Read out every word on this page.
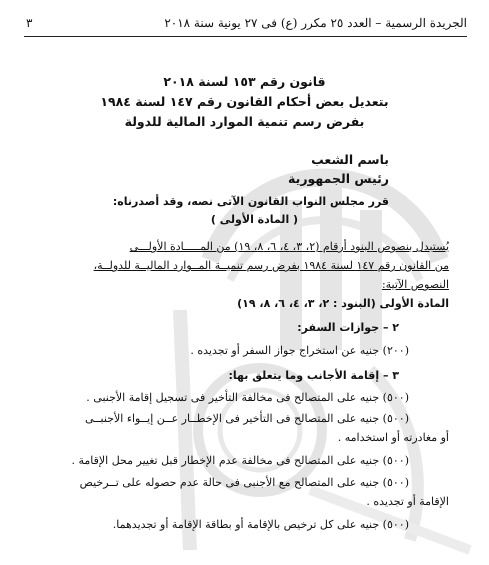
الجريدة الرسمية – العدد ٢٥ مكرر (ع) فى ٢٧ يونية سنة ٢٠١٨
٣
قانون رقم ١٥٣ لسنة ٢٠١٨
بتعديل بعض أحكام القانون رقم ١٤٧ لسنة ١٩٨٤
بفرض رسم تنمية الموارد المالية للدولة
باسم الشعب
رئيس الجمهورية
قرر مجلس النواب القانون الآتى نصه، وقد أصدرناه:
( المادة الأولى )
يُستبدل بنصوص البنود أرقام (٢، ٣، ٤، ٦، ٨، ١٩) من المـــــادة الأولـــى
من القانون رقم ١٤٧ لسنة ١٩٨٤ بفرض رسم تنميــة المــوارد الماليــة للدولــة،
النصوص الآتية:
المادة الأولى (البنود : ٢، ٣، ٤، ٦، ٨، ١٩)
٢ – جوازات السفر:
(٢٠٠) جنيه عن استخراج جواز السفر أو تجديده .
٣ – إقامة الأجانب وما يتعلق بها:
(٥٠٠) جنيه على المتصالح فى مخالفة التأخير فى تسجيل إقامة الأجنبى .
(٥٠٠) جنيه على المتصالح فى التأخير فى الإخطــار عــن إيــواء الأجنبــى
أو مغادرته أو استخدامه .
(٥٠٠) جنيه على المتصالح فى مخالفة عدم الإخطار قبل تغيير محل الإقامة .
(٥٠٠) جنيه على المتصالح مع الأجنبى فى حالة عدم حصوله على تــرخيص
الإقامة أو تجديده .
(٥٠٠) جنيه على كل ترخيص بالإقامة أو بطاقة الإقامة أو تجديدهما.
